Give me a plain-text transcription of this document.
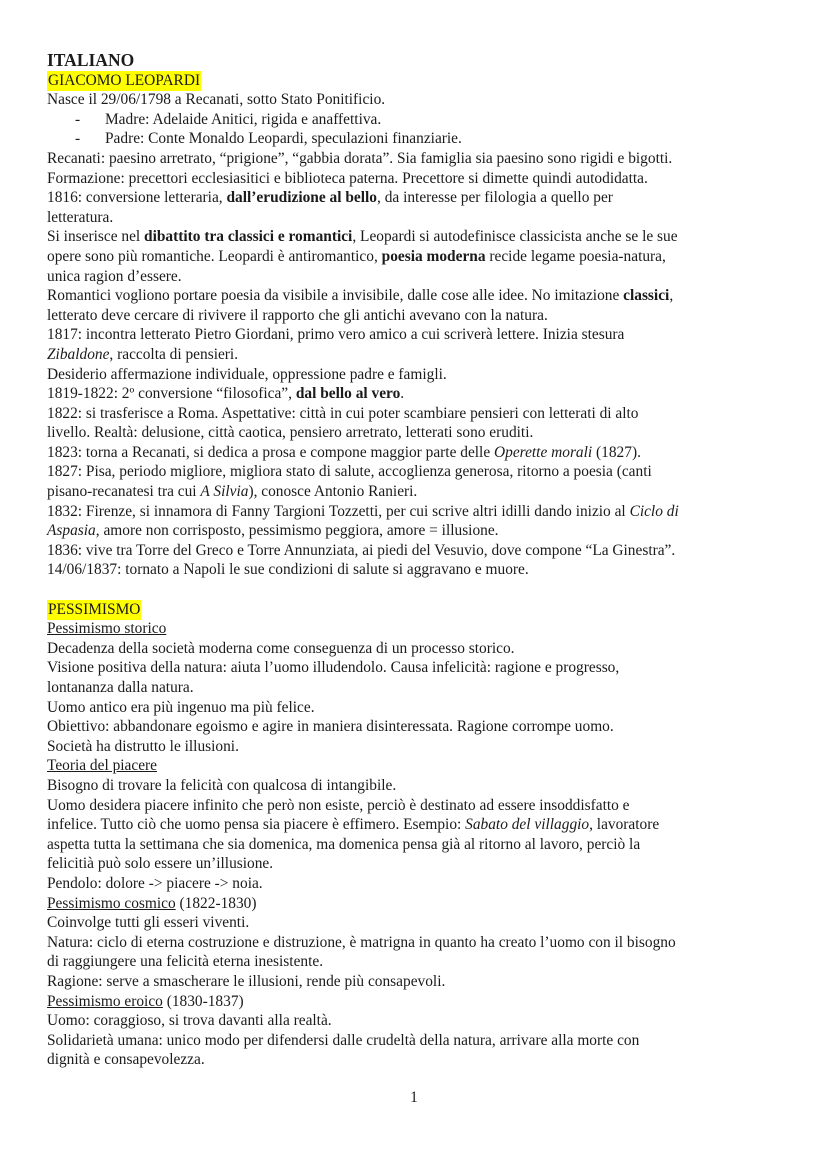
ITALIANO
GIACOMO LEOPARDI
Nasce il 29/06/1798 a Recanati, sotto Stato Ponitificio.
- Madre: Adelaide Anitici, rigida e anaffettiva.
- Padre: Conte Monaldo Leopardi, speculazioni finanziarie.
Recanati: paesino arretrato, “prigione”, “gabbia dorata”. Sia famiglia sia paesino sono rigidi e bigotti.
Formazione: precettori ecclesiasitici e biblioteca paterna. Precettore si dimette quindi autodidatta.
1816: conversione letteraria, dall’erudizione al bello, da interesse per filologia a quello per
letteratura.
Si inserisce nel dibattito tra classici e romantici, Leopardi si autodefinisce classicista anche se le sue
opere sono più romantiche. Leopardi è antiromantico, poesia moderna recide legame poesia-natura,
unica ragion d’essere.
Romantici vogliono portare poesia da visibile a invisibile, dalle cose alle idee. No imitazione classici,
letterato deve cercare di rivivere il rapporto che gli antichi avevano con la natura.
1817: incontra letterato Pietro Giordani, primo vero amico a cui scriverà lettere. Inizia stesura
Zibaldone, raccolta di pensieri.
Desiderio affermazione individuale, oppressione padre e famigli.
1819-1822: 2º conversione “filosofica”, dal bello al vero.
1822: si trasferisce a Roma. Aspettative: città in cui poter scambiare pensieri con letterati di alto
livello. Realtà: delusione, città caotica, pensiero arretrato, letterati sono eruditi.
1823: torna a Recanati, si dedica a prosa e compone maggior parte delle Operette morali (1827).
1827: Pisa, periodo migliore, migliora stato di salute, accoglienza generosa, ritorno a poesia (canti
pisano-recanatesi tra cui A Silvia), conosce Antonio Ranieri.
1832: Firenze, si innamora di Fanny Targioni Tozzetti, per cui scrive altri idilli dando inizio al Ciclo di
Aspasia, amore non corrisposto, pessimismo peggiora, amore = illusione.
1836: vive tra Torre del Greco e Torre Annunziata, ai piedi del Vesuvio, dove compone “La Ginestra”.
14/06/1837: tornato a Napoli le sue condizioni di salute si aggravano e muore.
PESSIMISMO
Pessimismo storico
Decadenza della società moderna come conseguenza di un processo storico.
Visione positiva della natura: aiuta l’uomo illudendolo. Causa infelicità: ragione e progresso,
lontananza dalla natura.
Uomo antico era più ingenuo ma più felice.
Obiettivo: abbandonare egoismo e agire in maniera disinteressata. Ragione corrompe uomo.
Società ha distrutto le illusioni.
Teoria del piacere
Bisogno di trovare la felicità con qualcosa di intangibile.
Uomo desidera piacere infinito che però non esiste, perciò è destinato ad essere insoddisfatto e
infelice. Tutto ciò che uomo pensa sia piacere è effimero. Esempio: Sabato del villaggio, lavoratore
aspetta tutta la settimana che sia domenica, ma domenica pensa già al ritorno al lavoro, perciò la
felicitià può solo essere un’illusione.
Pendolo: dolore -> piacere -> noia.
Pessimismo cosmico (1822-1830)
Coinvolge tutti gli esseri viventi.
Natura: ciclo di eterna costruzione e distruzione, è matrigna in quanto ha creato l’uomo con il bisogno
di raggiungere una felicità eterna inesistente.
Ragione: serve a smascherare le illusioni, rende più consapevoli.
Pessimismo eroico (1830-1837)
Uomo: coraggioso, si trova davanti alla realtà.
Solidarietà umana: unico modo per difendersi dalle crudeltà della natura, arrivare alla morte con
dignità e consapevolezza.
1
